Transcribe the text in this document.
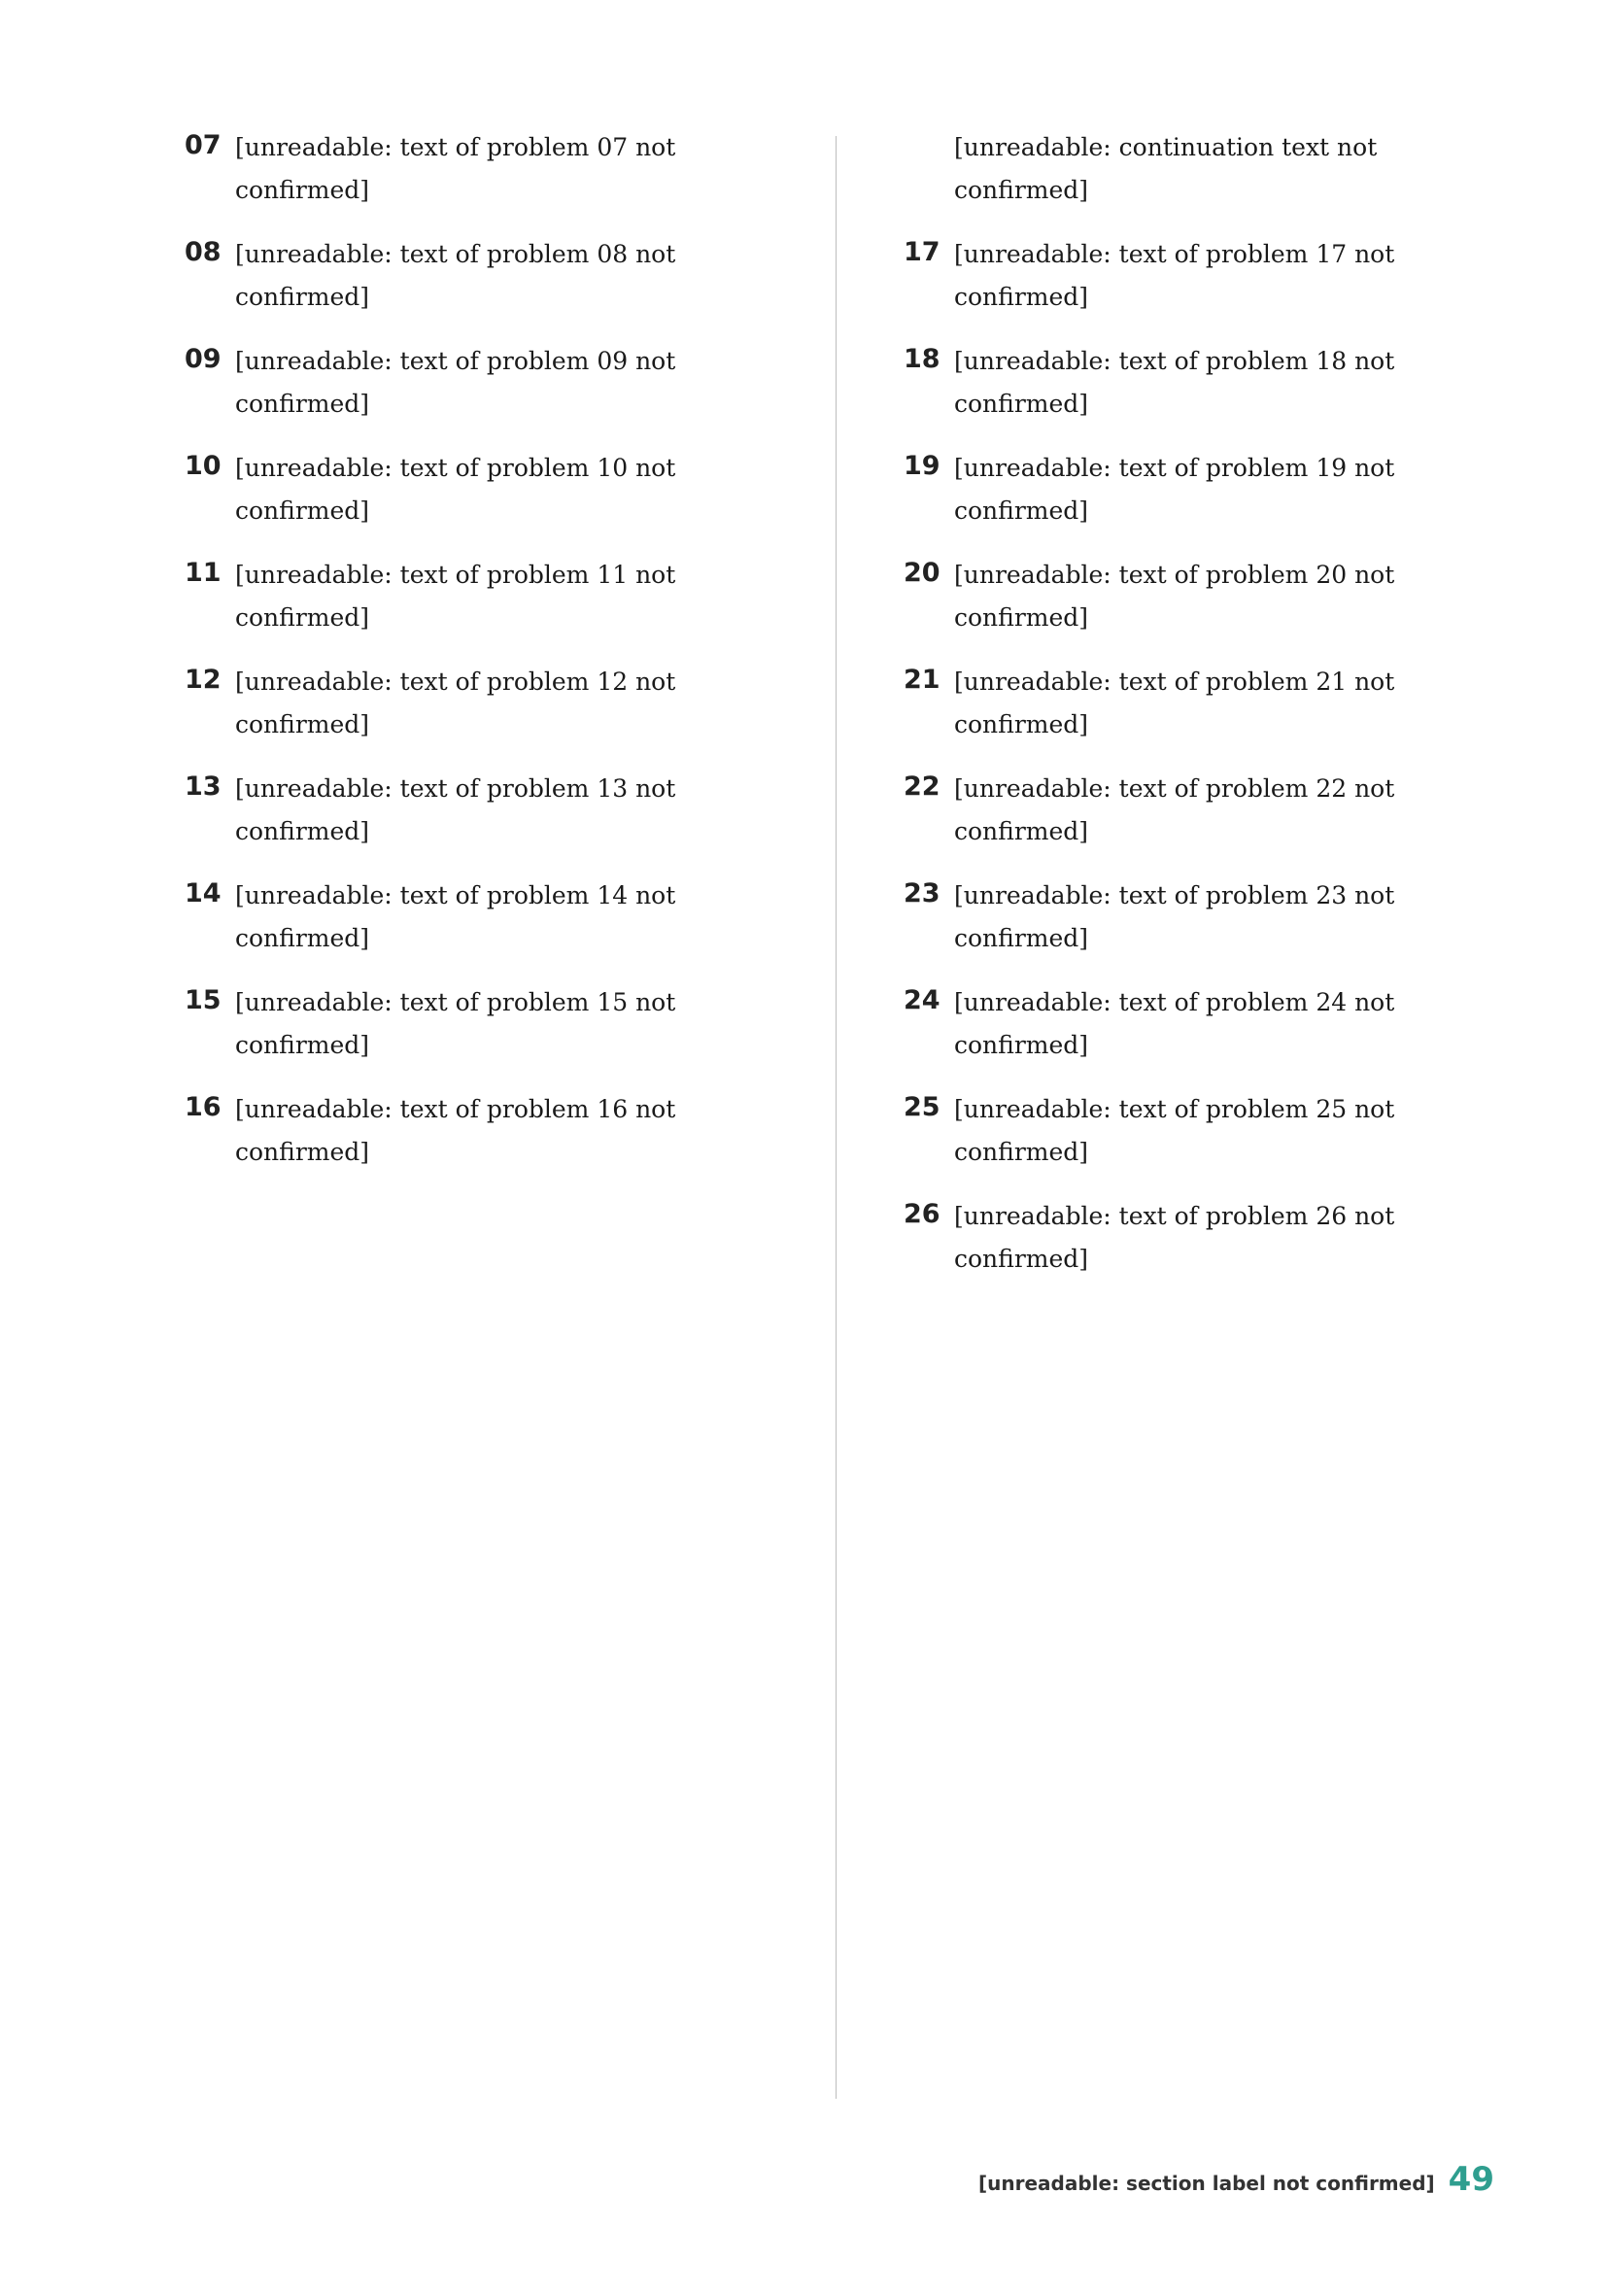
07 [unreadable: text of problem 07 not confirmed]

08 [unreadable: text of problem 08 not confirmed]

09 [unreadable: text of problem 09 not confirmed]

10 [unreadable: text of problem 10 not confirmed]

11 [unreadable: text of problem 11 not confirmed]

12 [unreadable: text of problem 12 not confirmed]

13 [unreadable: text of problem 13 not confirmed]

14 [unreadable: text of problem 14 not confirmed]

15 [unreadable: text of problem 15 not confirmed]

16 [unreadable: text of problem 16 not confirmed]

[unreadable: continuation text not confirmed]

17 [unreadable: text of problem 17 not confirmed]

18 [unreadable: text of problem 18 not confirmed]

19 [unreadable: text of problem 19 not confirmed]

20 [unreadable: text of problem 20 not confirmed]

21 [unreadable: text of problem 21 not confirmed]

22 [unreadable: text of problem 22 not confirmed]

23 [unreadable: text of problem 23 not confirmed]

24 [unreadable: text of problem 24 not confirmed]

25 [unreadable: text of problem 25 not confirmed]

26 [unreadable: text of problem 26 not confirmed]

[unreadable: section label not confirmed] 49
